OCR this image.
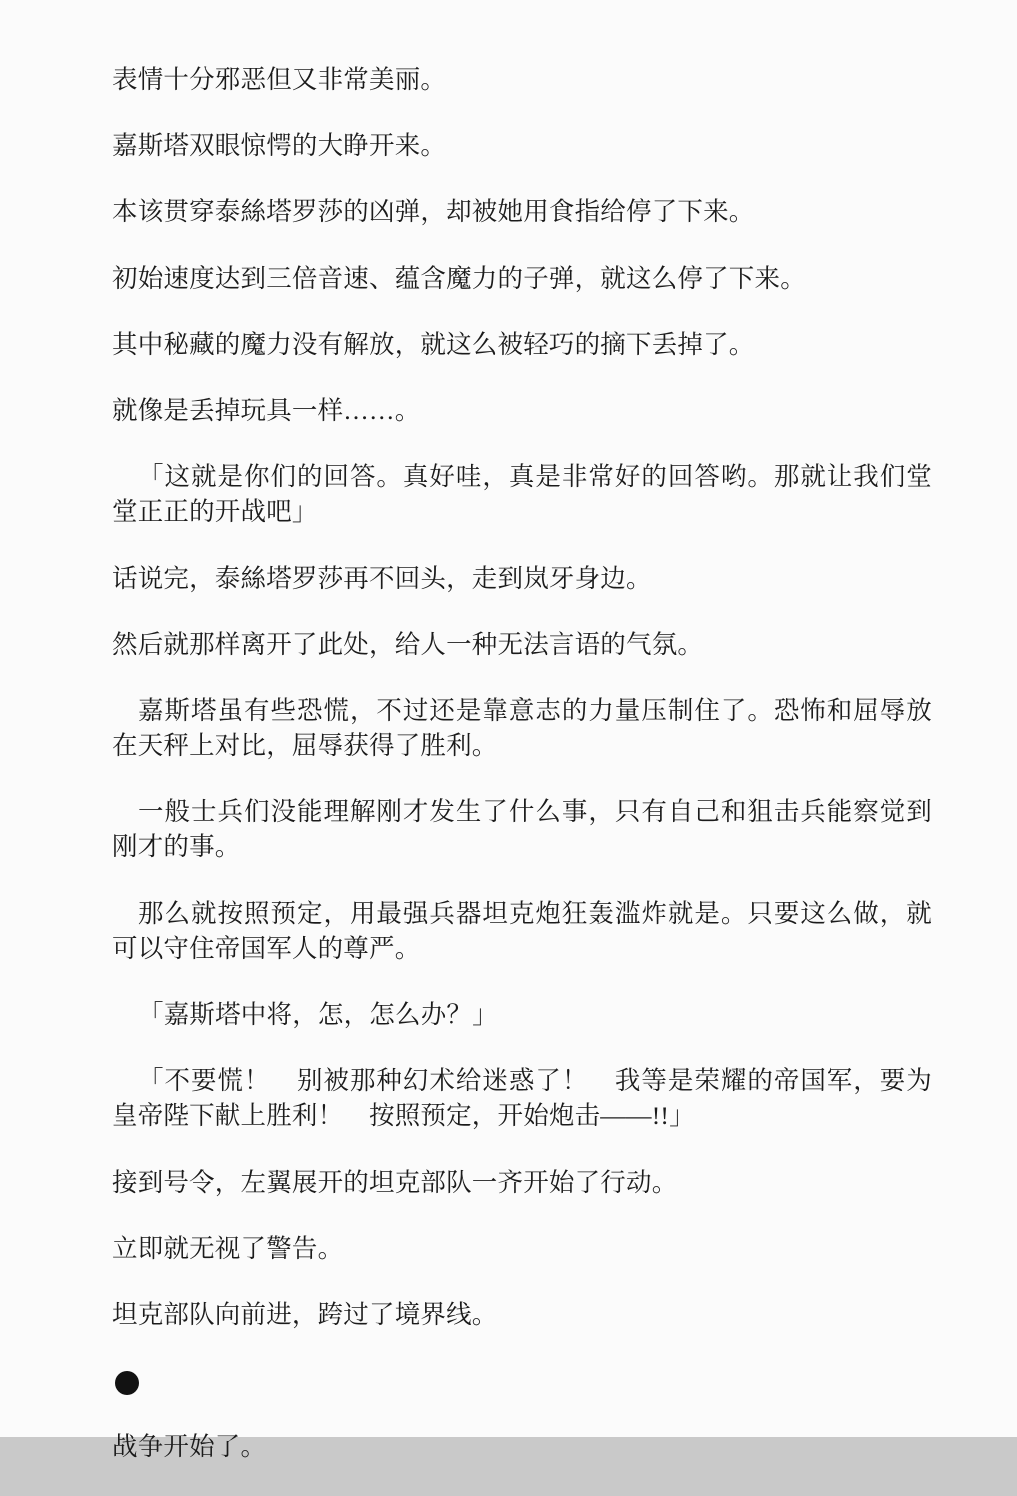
表情十分邪恶但又非常美丽。

嘉斯塔双眼惊愕的大睁开来。

本该贯穿泰絲塔罗莎的凶弹，却被她用食指给停了下来。

初始速度达到三倍音速、蕴含魔力的子弹，就这么停了下来。

其中秘藏的魔力没有解放，就这么被轻巧的摘下丢掉了。

就像是丢掉玩具一样……。

「这就是你们的回答。真好哇，真是非常好的回答哟。那就让我们堂堂正正的开战吧」

话说完，泰絲塔罗莎再不回头，走到岚牙身边。

然后就那样离开了此处，给人一种无法言语的气氛。

嘉斯塔虽有些恐慌，不过还是靠意志的力量压制住了。恐怖和屈辱放在天秤上对比，屈辱获得了胜利。

一般士兵们没能理解刚才发生了什么事，只有自己和狙击兵能察觉到刚才的事。

那么就按照预定，用最强兵器坦克炮狂轰滥炸就是。只要这么做，就可以守住帝国军人的尊严。

「嘉斯塔中将，怎，怎么办？」

「不要慌！　别被那种幻术给迷惑了！　我等是荣耀的帝国军，要为皇帝陛下献上胜利！　按照预定，开始炮击——!!」

接到号令，左翼展开的坦克部队一齐开始了行动。

立即就无视了警告。

坦克部队向前进，跨过了境界线。

战争开始了。
